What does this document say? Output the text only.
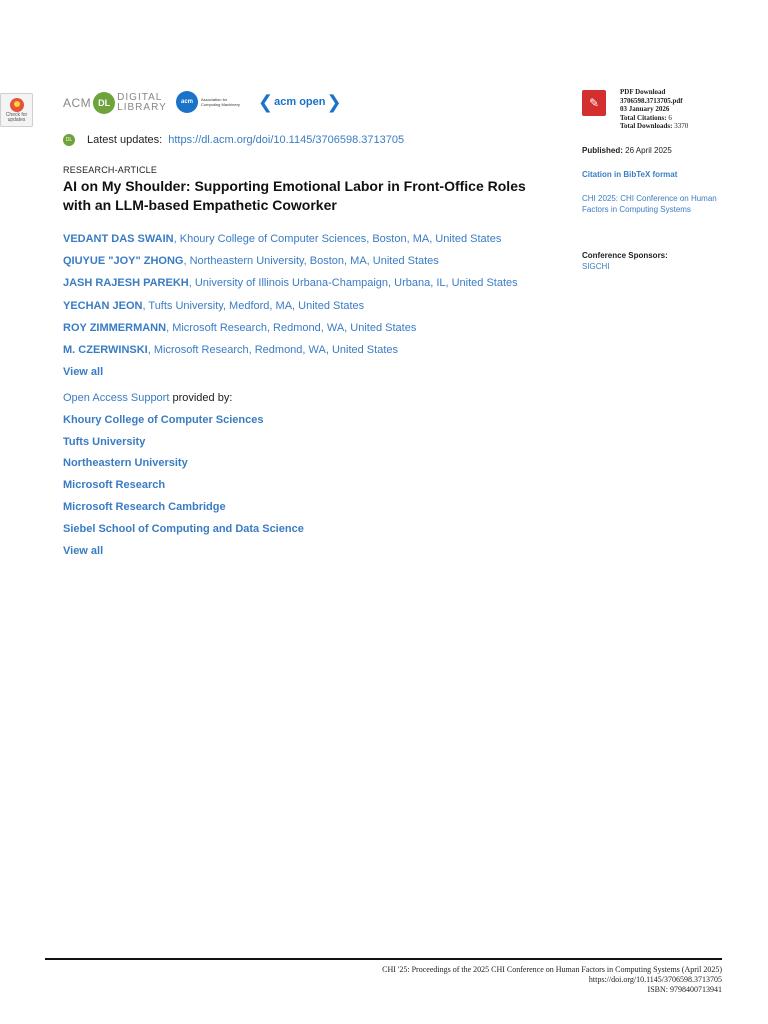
Check for updates
ACM DL DIGITAL
LIBRARY	acm	Association for Computing Machinery ❮ acm open ❯
DL Latest updates: https://dl.acm.org/doi/10.1145/3706598.3713705
RESEARCH-ARTICLE
AI on My Shoulder: Supporting Emotional Labor in Front-Office Roles with an LLM-based Empathetic Coworker
VEDANT DAS SWAIN, Khoury College of Computer Sciences, Boston, MA, United States
QIUYUE "JOY" ZHONG, Northeastern University, Boston, MA, United States
JASH RAJESH PAREKH, University of Illinois Urbana-Champaign, Urbana, IL, United States
YECHAN JEON, Tufts University, Medford, MA, United States
ROY ZIMMERMANN, Microsoft Research, Redmond, WA, United States
M. CZERWINSKI, Microsoft Research, Redmond, WA, United States
View all
Open Access Support provided by:
Khoury College of Computer Sciences
Tufts University
Northeastern University
Microsoft Research
Microsoft Research Cambridge
Siebel School of Computing and Data Science
View all
✎
PDF Download
3706598.3713705.pdf
03 January 2026
Total Citations: 6
Total Downloads: 3370
Published: 26 April 2025
Citation in BibTeX format
CHI 2025: CHI Conference on Human Factors in Computing Systems
Conference Sponsors:
SIGCHI
CHI '25: Proceedings of the 2025 CHI Conference on Human Factors in Computing Systems (April 2025)
https://doi.org/10.1145/3706598.3713705
ISBN: 9798400713941
